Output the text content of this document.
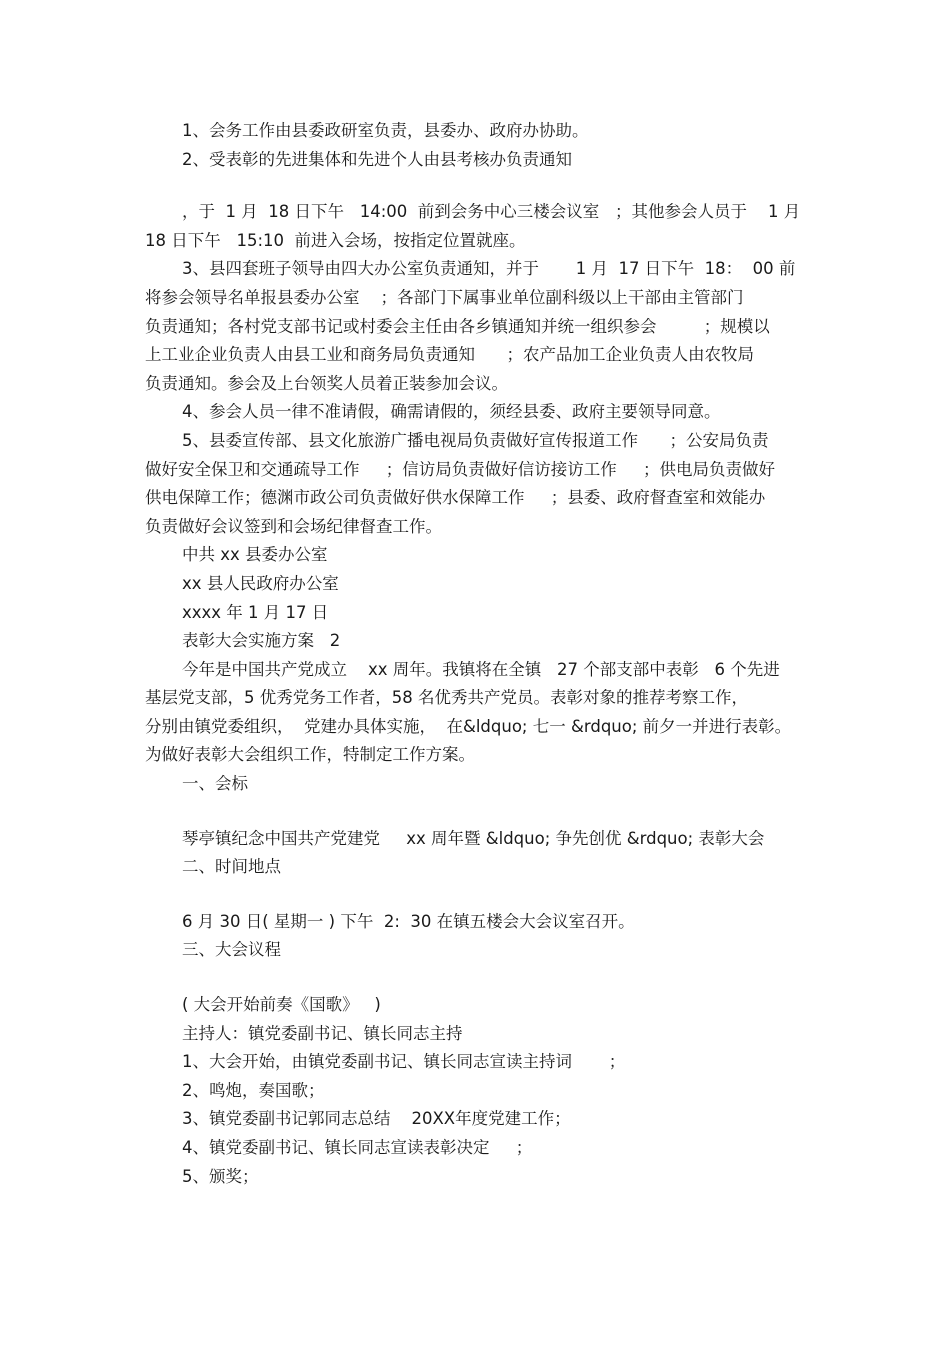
1、会务工作由县委政研室负责，县委办、政府办协助。
2、受表彰的先进集体和先进个人由县考核办负责通知
，于  1 月  18 日下午   14:00  前到会务中心三楼会议室   ；其他参会人员于    1 月
18 日下午   15:10  前进入会场，按指定位置就座。
3、县四套班子领导由四大办公室负责通知，并于       1 月  17 日下午  18：  00 前
将参会领导名单报县委办公室    ；各部门下属事业单位副科级以上干部由主管部门
负责通知；各村党支部书记或村委会主任由各乡镇通知并统一组织参会         ；规模以
上工业企业负责人由县工业和商务局负责通知      ；农产品加工企业负责人由农牧局
负责通知。参会及上台领奖人员着正装参加会议。
4、参会人员一律不准请假，确需请假的，须经县委、政府主要领导同意。
5、县委宣传部、县文化旅游广播电视局负责做好宣传报道工作      ；公安局负责
做好安全保卫和交通疏导工作     ；信访局负责做好信访接访工作     ；供电局负责做好
供电保障工作；德渊市政公司负责做好供水保障工作     ；县委、政府督查室和效能办
负责做好会议签到和会场纪律督查工作。
中共 xx 县委办公室
xx 县人民政府办公室
xxxx 年 1 月 17 日
表彰大会实施方案   2
今年是中国共产党成立    xx 周年。我镇将在全镇   27 个部支部中表彰   6 个先进
基层党支部，5 优秀党务工作者，58 名优秀共产党员。表彰对象的推荐考察工作，
分别由镇党委组织，  党建办具体实施，  在&ldquo; 七一 &rdquo; 前夕一并进行表彰。
为做好表彰大会组织工作，特制定工作方案。
一、会标
琴亭镇纪念中国共产党建党     xx 周年暨 &ldquo; 争先创优 &rdquo; 表彰大会
二、时间地点
6 月 30 日( 星期一 ) 下午  2:  30 在镇五楼会大会议室召开。
三、大会议程
( 大会开始前奏《国歌》   )
主持人：镇党委副书记、镇长同志主持
1、大会开始，由镇党委副书记、镇长同志宣读主持词       ；
2、鸣炮，奏国歌；
3、镇党委副书记郭同志总结    20XX年度党建工作；
4、镇党委副书记、镇长同志宣读表彰决定     ；
5、颁奖；
